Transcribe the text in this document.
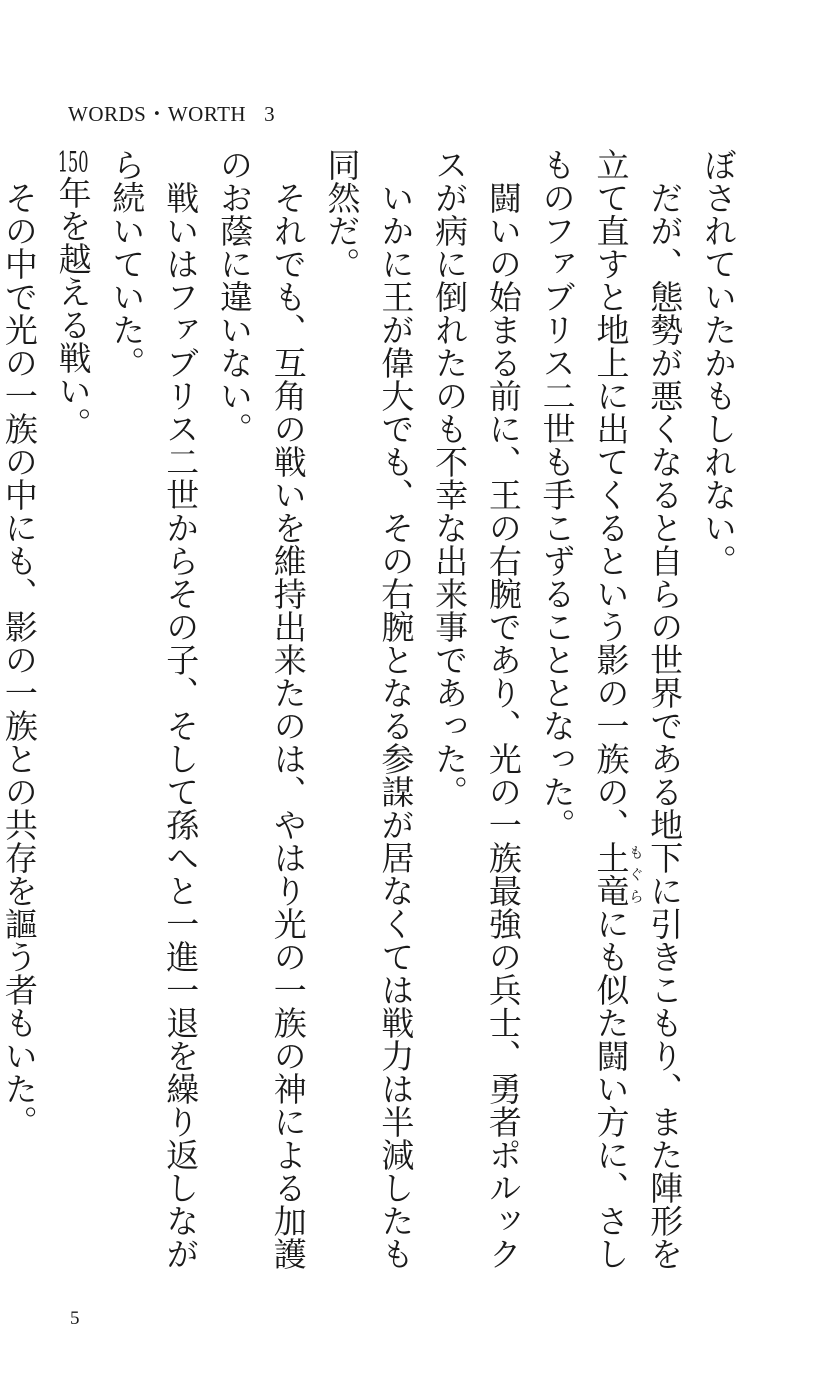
WORDS・WORTH 3

ぼされていたかもしれない。

だが、態勢が悪くなると自らの世界である地下に引きこもり、また陣形を立て直すと地上に出てくるという影の一族の、土竜もぐらにも似た闘い方に、さしものファブリス二世も手こずることとなった。

闘いの始まる前に、王の右腕であり、光の一族最強の兵士、勇者ポルックスが病に倒れたのも不幸な出来事であった。

いかに王が偉大でも、その右腕となる参謀が居なくては戦力は半減したも同然だ。

それでも、互角の戦いを維持出来たのは、やはり光の一族の神による加護のお蔭に違いない。

戦いはファブリス二世からその子、そして孫へと一進一退を繰り返しながら続いていた。

150年を越える戦い。

その中で光の一族の中にも、影の一族との共存を謳う者もいた。

5
